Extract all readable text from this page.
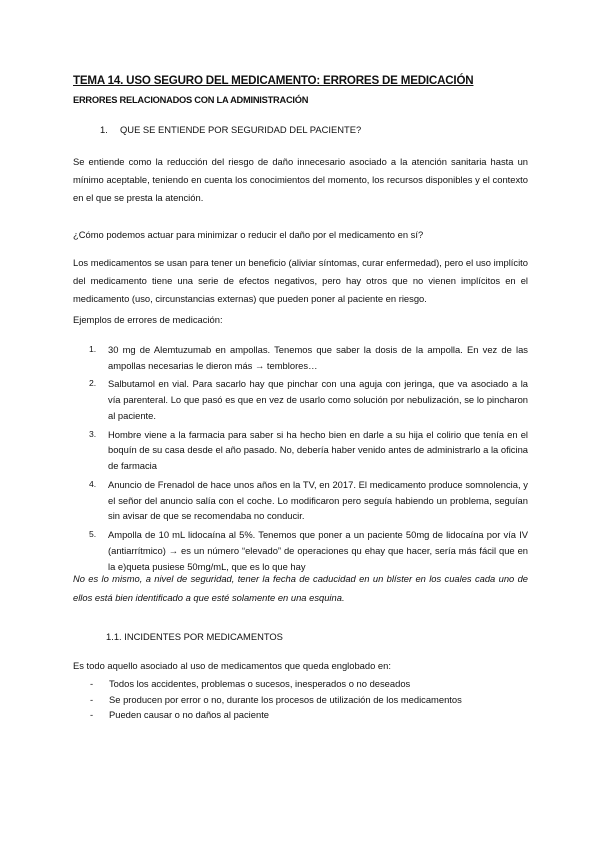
TEMA 14. USO SEGURO DEL MEDICAMENTO: ERRORES DE MEDICACIÓN
ERRORES RELACIONADOS CON LA ADMINISTRACIÓN
1. QUE SE ENTIENDE POR SEGURIDAD DEL PACIENTE?
Se entiende como la reducción del riesgo de daño innecesario asociado a la atención sanitaria hasta un mínimo aceptable, teniendo en cuenta los conocimientos del momento, los recursos disponibles y el contexto en el que se presta la atención.
¿Cómo podemos actuar para minimizar o reducir el daño por el medicamento en sí?
Los medicamentos se usan para tener un beneficio (aliviar síntomas, curar enfermedad), pero el uso implícito del medicamento tiene una serie de efectos negativos, pero hay otros que no vienen implícitos en el medicamento (uso, circunstancias externas) que pueden poner al paciente en riesgo.
Ejemplos de errores de medicación:
1. 30 mg de Alemtuzumab en ampollas. Tenemos que saber la dosis de la ampolla. En vez de las ampollas necesarias le dieron más → temblores…
2. Salbutamol en vial. Para sacarlo hay que pinchar con una aguja con jeringa, que va asociado a la vía parenteral. Lo que pasó es que en vez de usarlo como solución por nebulización, se lo pincharon al paciente.
3. Hombre viene a la farmacia para saber si ha hecho bien en darle a su hija el colirio que tenía en el boquín de su casa desde el año pasado. No, debería haber venido antes de administrarlo a la oficina de farmacia
4. Anuncio de Frenadol de hace unos años en la TV, en 2017. El medicamento produce somnolencia, y el señor del anuncio salía con el coche. Lo modificaron pero seguía habiendo un problema, seguían sin avisar de que se recomendaba no conducir.
5. Ampolla de 10 mL lidocaína al 5%. Tenemos que poner a un paciente 50mg de lidocaína por vía IV (antiarrítmico) → es un número “elevado” de operaciones qu ehay que hacer, sería más fácil que en la e)queta pusiese 50mg/mL, que es lo que hay
No es lo mismo, a nivel de seguridad, tener la fecha de caducidad en un blíster en los cuales cada uno de ellos está bien identificado a que esté solamente en una esquina.
1.1. INCIDENTES POR MEDICAMENTOS
Es todo aquello asociado al uso de medicamentos que queda englobado en:
- Todos los accidentes, problemas o sucesos, inesperados o no deseados
- Se producen por error o no, durante los procesos de utilización de los medicamentos
- Pueden causar o no daños al paciente
